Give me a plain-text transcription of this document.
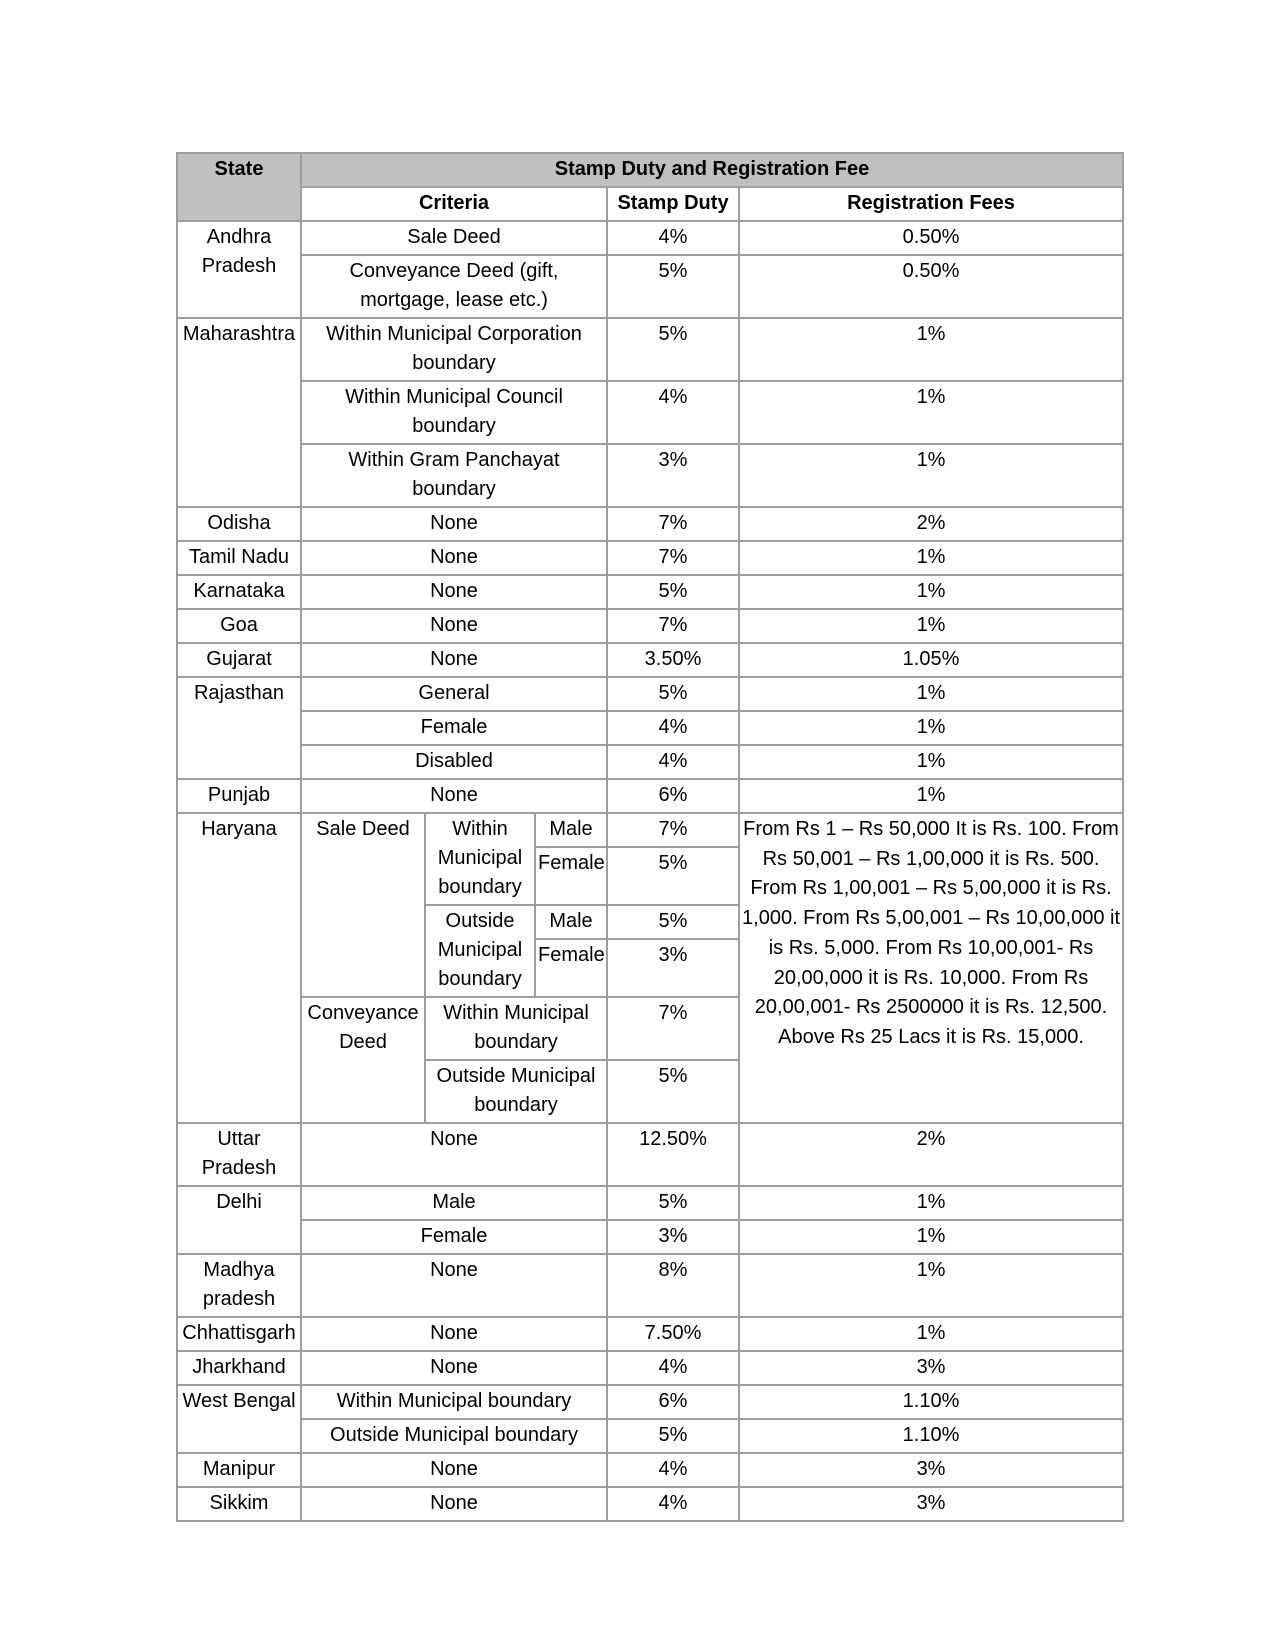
State	Stamp Duty and Registration Fee				
	Criteria			Stamp Duty	Registration Fees
Andhra Pradesh	Sale Deed			4%	0.50%
	Conveyance Deed (gift, mortgage, lease etc.)			5%	0.50%
Maharashtra	Within Municipal Corporation boundary			5%	1%
	Within Municipal Council boundary			4%	1%
	Within Gram Panchayat boundary			3%	1%
Odisha	None			7%	2%
Tamil Nadu	None			7%	1%
Karnataka	None			5%	1%
Goa	None			7%	1%
Gujarat	None			3.50%	1.05%
Rajasthan	General			5%	1%
	Female			4%	1%
	Disabled			4%	1%
Punjab	None			6%	1%
Haryana	Sale Deed	Within Municipal boundary	Male	7%	From Rs 1 – Rs 50,000 It is Rs. 100. From Rs 50,001 – Rs 1,00,000 it is Rs. 500. From Rs 1,00,001 – Rs 5,00,000 it is Rs. 1,000. From Rs 5,00,001 – Rs 10,00,000 it is Rs. 5,000. From Rs 10,00,001- Rs 20,00,000 it is Rs. 10,000. From Rs 20,00,001- Rs 2500000 it is Rs. 12,500. Above Rs 25 Lacs it is Rs. 15,000.
			Female	5%	

		Outside Municipal boundary	Male	5%	
			Female	3%	

	Conveyance Deed	Within Municipal boundary		7%	
		Outside Municipal boundary		5%	
Uttar Pradesh	None			12.50%	2%
Delhi	Male			5%	1%
	Female			3%	1%
Madhya pradesh	None			8%	1%
Chhattisgarh	None			7.50%	1%
Jharkhand	None			4%	3%
West Bengal	Within Municipal boundary			6%	1.10%
	Outside Municipal boundary			5%	1.10%
Manipur	None			4%	3%
Sikkim	None			4%	3%
